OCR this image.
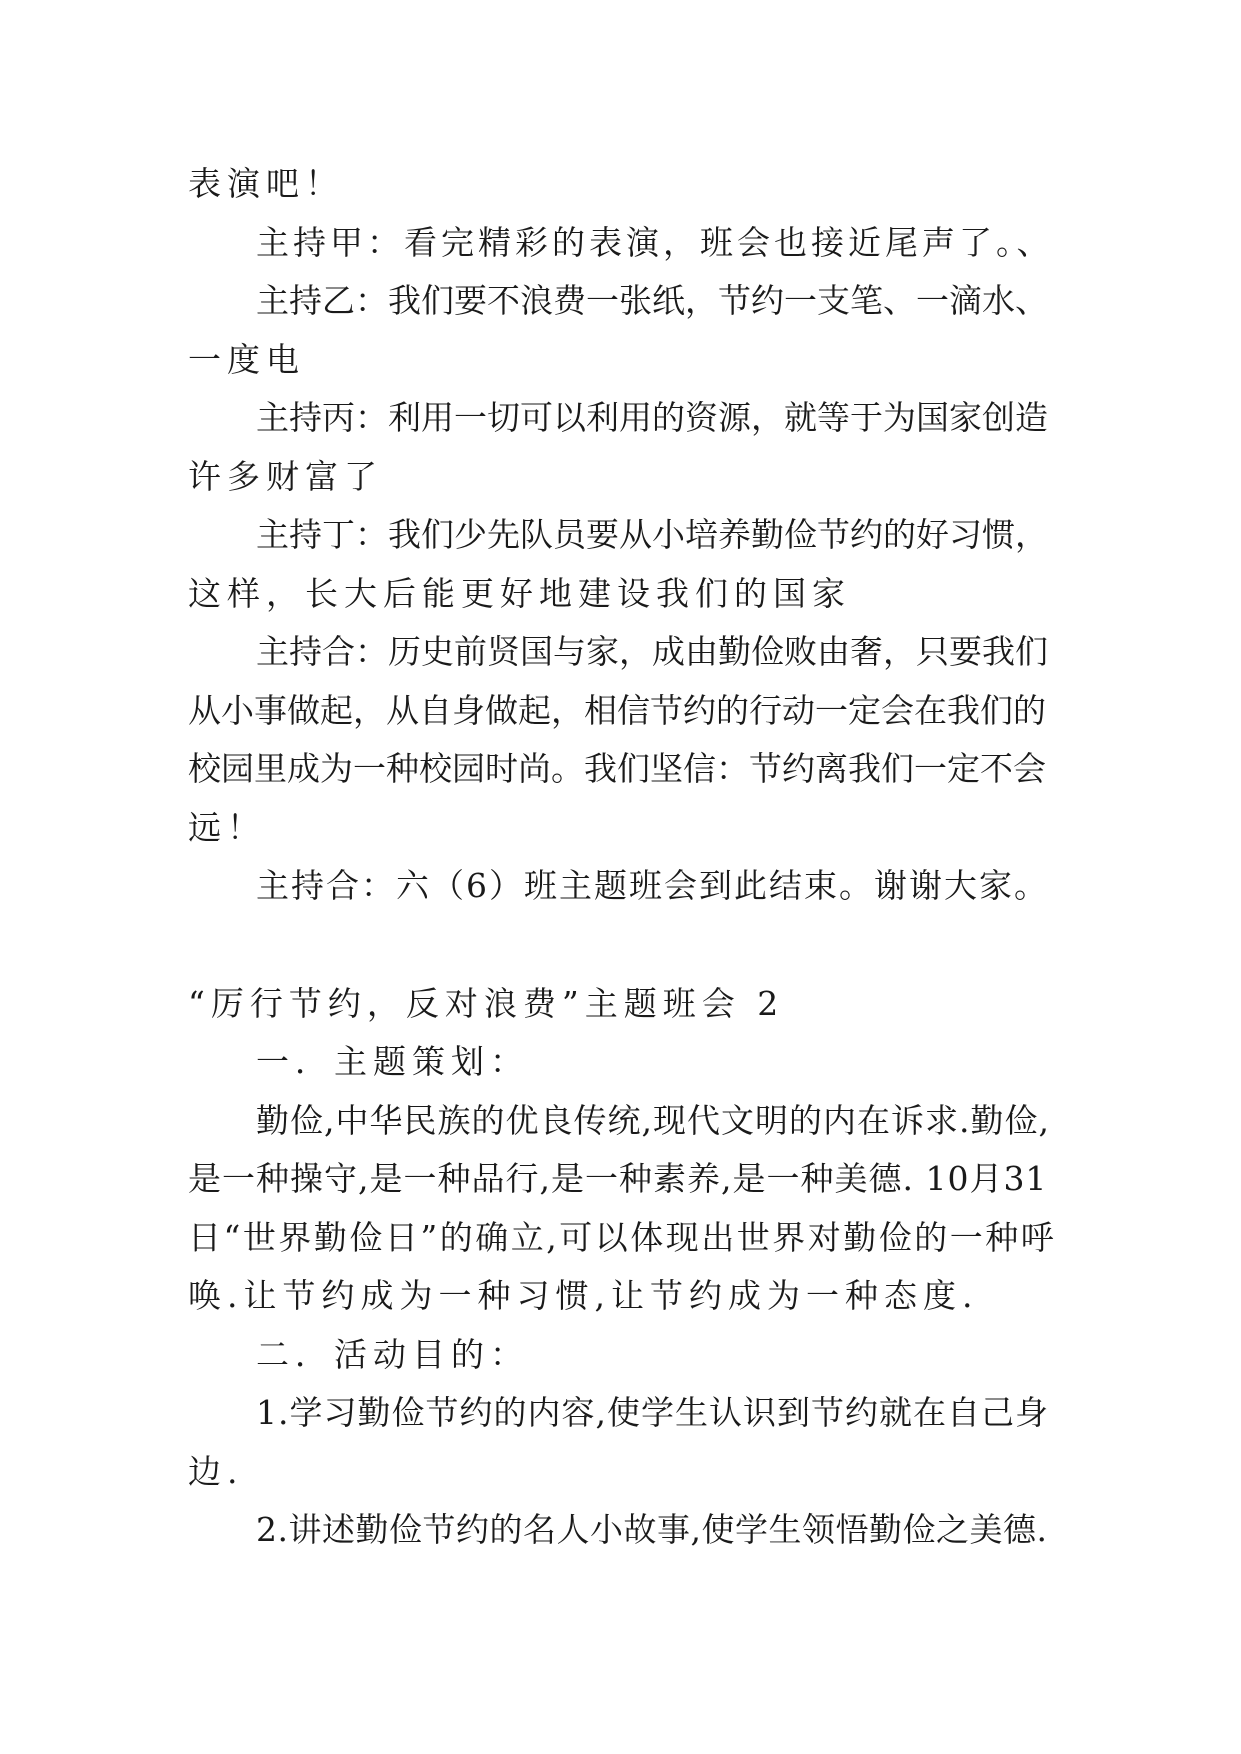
表演吧！

主持甲：看完精彩的表演，班会也接近尾声了。、

主持乙：我们要不浪费一张纸，节约一支笔、一滴水、

一度电

主持丙：利用一切可以利用的资源，就等于为国家创造

许多财富了

主持丁：我们少先队员要从小培养勤俭节约的好习惯，

这样，长大后能更好地建设我们的国家

主持合：历史前贤国与家，成由勤俭败由奢，只要我们

从小事做起，从自身做起，相信节约的行动一定会在我们的

校园里成为一种校园时尚。我们坚信：节约离我们一定不会

远！

主持合：六（6）班主题班会到此结束。谢谢大家。

“厉行节约，反对浪费”主题班会 2

一．主题策划：

勤俭,中华民族的优良传统,现代文明的内在诉求.勤俭,

是一种操守,是一种品行,是一种素养,是一种美德. 10月31

日“世界勤俭日”的确立,可以体现出世界对勤俭的一种呼

唤.让节约成为一种习惯,让节约成为一种态度.

二．活动目的：

1.学习勤俭节约的内容,使学生认识到节约就在自己身

边.

2.讲述勤俭节约的名人小故事,使学生领悟勤俭之美德.
